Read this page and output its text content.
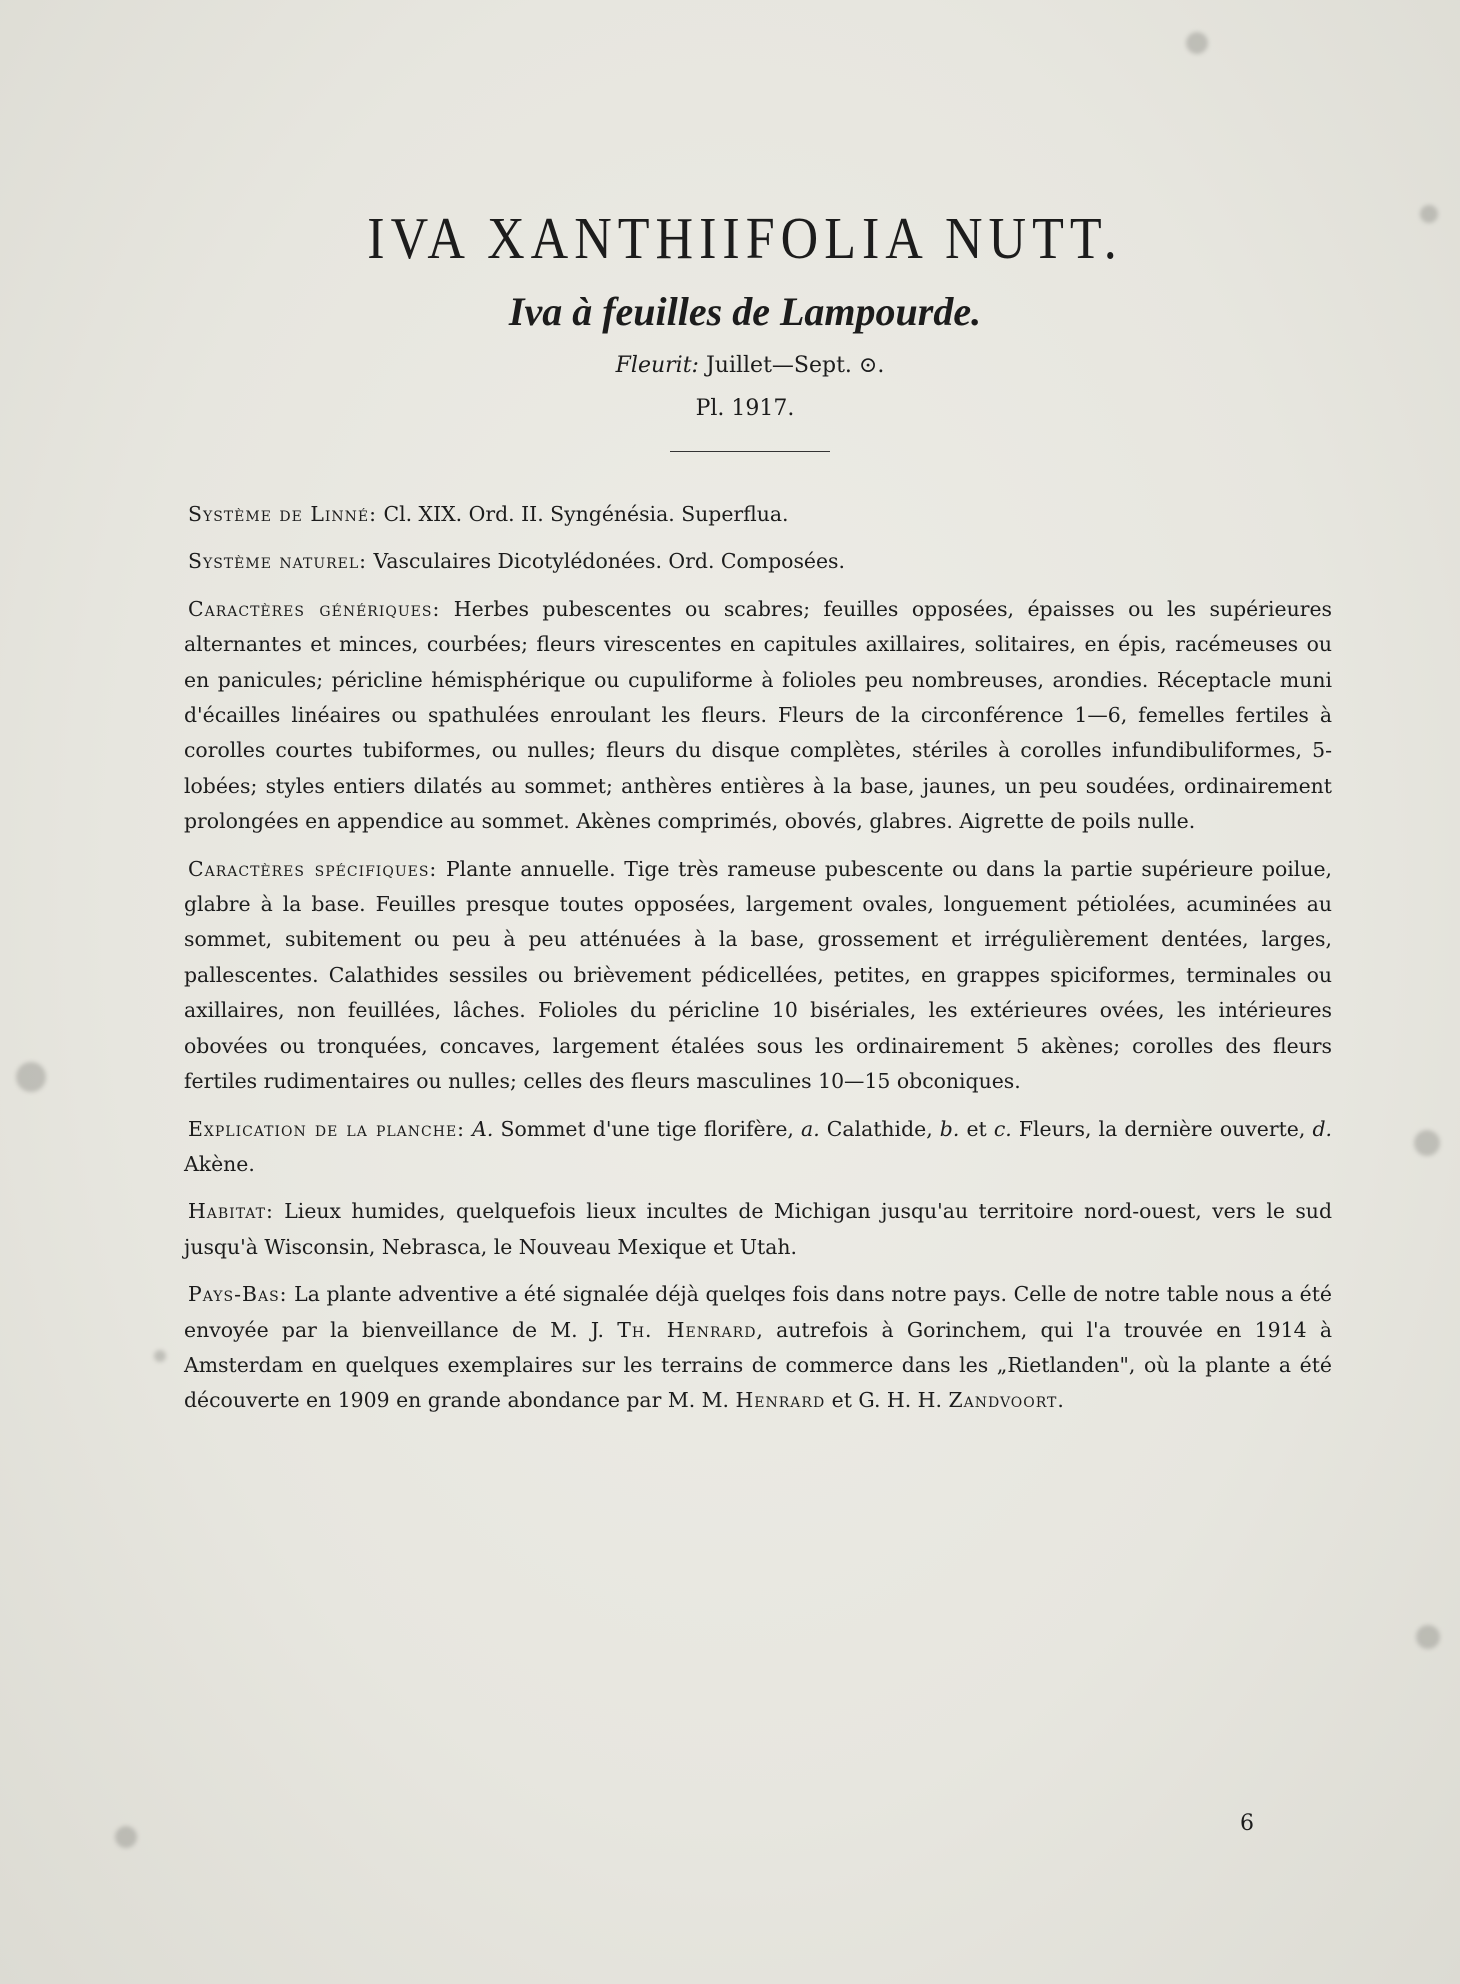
IVA XANTHIIFOLIA NUTT.
Iva à feuilles de Lampourde.
Fleurit: Juillet—Sept. ⊙.
Pl. 1917.

Système de Linné: Cl. XIX. Ord. II. Syngénésia. Superflua.

Système naturel: Vasculaires Dicotylédonées. Ord. Composées.

Caractères génériques: Herbes pubescentes ou scabres; feuilles opposées, épaisses ou les supérieures alternantes et minces, courbées; fleurs virescentes en capitules axillaires, solitaires, en épis, racémeuses ou en panicules; péricline hémisphérique ou cupuliforme à folioles peu nombreuses, arondies. Réceptacle muni d'écailles linéaires ou spathulées enroulant les fleurs. Fleurs de la circonférence 1—6, femelles fertiles à corolles courtes tubiformes, ou nulles; fleurs du disque complètes, stériles à corolles infundibuliformes, 5- lobées; styles entiers dilatés au sommet; anthères entières à la base, jaunes, un peu soudées, ordinairement prolongées en appendice au sommet. Akènes comprimés, obovés, glabres. Aigrette de poils nulle.

Caractères spécifiques: Plante annuelle. Tige très rameuse pubescente ou dans la partie supérieure poilue, glabre à la base. Feuilles presque toutes opposées, largement ovales, longuement pétiolées, acuminées au sommet, subitement ou peu à peu atténuées à la base, grossement et irrégulièrement dentées, larges, pallescentes. Calathides sessiles ou brièvement pédicellées, petites, en grappes spiciformes, terminales ou axillaires, non feuillées, lâches. Folioles du péricline 10 bisériales, les extérieures ovées, les intérieures obovées ou tronquées, concaves, largement étalées sous les ordinairement 5 akènes; corolles des fleurs fertiles rudimentaires ou nulles; celles des fleurs masculines 10—15 obconiques.

Explication de la planche: A. Sommet d'une tige florifère, a. Calathide, b. et c. Fleurs, la dernière ouverte, d. Akène.

Habitat: Lieux humides, quelquefois lieux incultes de Michigan jusqu'au territoire nord-ouest, vers le sud jusqu'à Wisconsin, Nebrasca, le Nouveau Mexique et Utah.

Pays-Bas: La plante adventive a été signalée déjà quelqes fois dans notre pays. Celle de notre table nous a été envoyée par la bienveillance de M. J. Th. Henrard, autrefois à Gorinchem, qui l'a trouvée en 1914 à Amsterdam en quelques exemplaires sur les terrains de commerce dans les „Rietlanden", où la plante a été découverte en 1909 en grande abondance par M. M. Henrard et G. H. H. Zandvoort.

6
